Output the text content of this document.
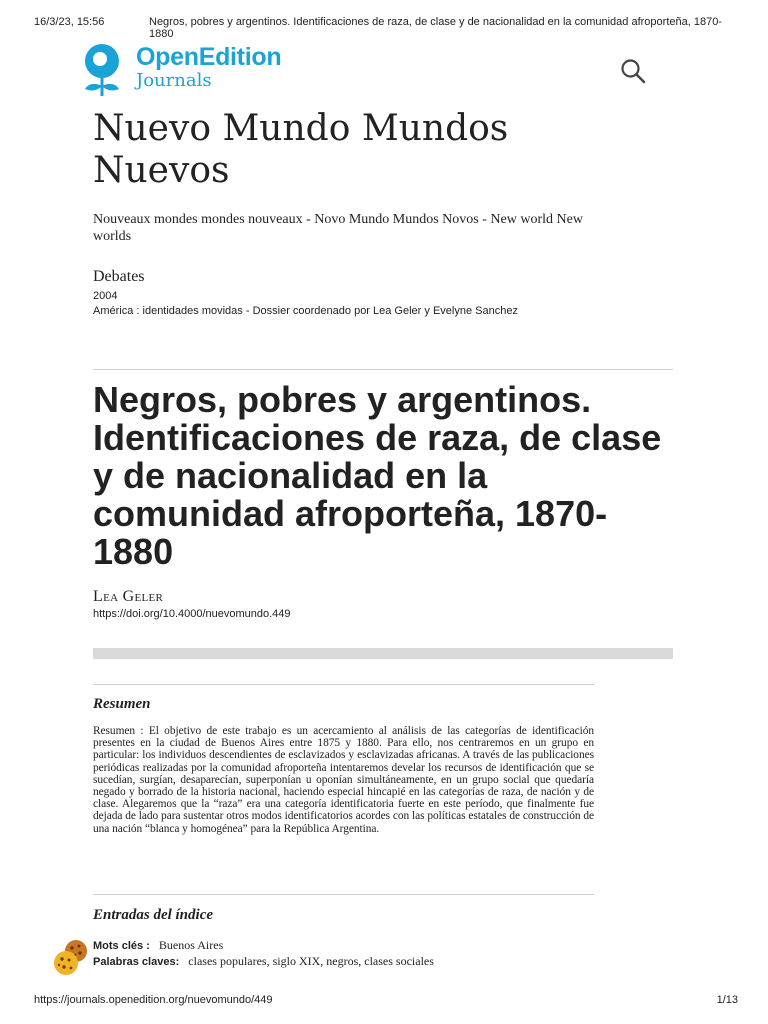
16/3/23, 15:56	Negros, pobres y argentinos. Identificaciones de raza, de clase y de nacionalidad en la comunidad afroporteña, 1870-1880
OpenEdition
Journals
Nuevo Mundo Mundos Nuevos
Nouveaux mondes mondes nouveaux - Novo Mundo Mundos Novos - New world New worlds
Debates
2004
América : identidades movidas - Dossier coordenado por Lea Geler y Evelyne Sanchez
Negros, pobres y argentinos. Identificaciones de raza, de clase y de nacionalidad en la comunidad afroporteña, 1870-1880
Lea Geler
https://doi.org/10.4000/nuevomundo.449
Resumen
Resumen : El objetivo de este trabajo es un acercamiento al análisis de las categorías de identificación presentes en la ciudad de Buenos Aires entre 1875 y 1880. Para ello, nos centraremos en un grupo en particular: los individuos descendientes de esclavizados y esclavizadas africanas. A través de las publicaciones periódicas realizadas por la comunidad afroporteña intentaremos develar los recursos de identificación que se sucedían, surgían, desaparecían, superponían u oponían simultáneamente, en un grupo social que quedaría negado y borrado de la historia nacional, haciendo especial hincapié en las categorías de raza, de nación y de clase. Alegaremos que la “raza” era una categoría identificatoria fuerte en este período, que finalmente fue dejada de lado para sustentar otros modos identificatorios acordes con las políticas estatales de construcción de una nación “blanca y homogénea” para la República Argentina.
Entradas del índice
Mots clés : Buenos Aires
Palabras claves: clases populares, siglo XIX, negros, clases sociales
https://journals.openedition.org/nuevomundo/449	1/13
